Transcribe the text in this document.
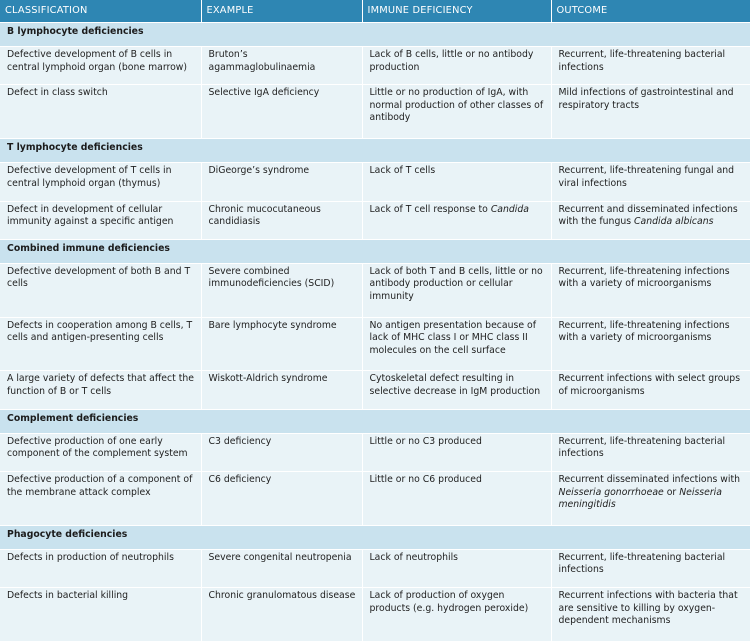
CLASSIFICATION	EXAMPLE	IMMUNE DEFICIENCY	OUTCOME
B lymphocyte deficiencies			
Defective development of B cells in central lymphoid organ (bone marrow)	Bruton’s agammaglobulinaemia	Lack of B cells, little or no antibody production	Recurrent, life-threatening bacterial infections
Defect in class switch	Selective IgA deficiency	Little or no production of IgA, with normal production of other classes of antibody	Mild infections of gastrointestinal and respiratory tracts
T lymphocyte deficiencies			
Defective development of T cells in central lymphoid organ (thymus)	DiGeorge’s syndrome	Lack of T cells	Recurrent, life-threatening fungal and viral infections
Defect in development of cellular immunity against a specific antigen	Chronic mucocutaneous candidiasis	Lack of T cell response to Candida	Recurrent and disseminated infections with the fungus Candida albicans
Combined immune deficiencies			
Defective development of both B and T cells	Severe combined immunodeficiencies (SCID)	Lack of both T and B cells, little or no antibody production or cellular immunity	Recurrent, life-threatening infections with a variety of microorganisms
Defects in cooperation among B cells, T cells and antigen-presenting cells	Bare lymphocyte syndrome	No antigen presentation because of lack of MHC class I or MHC class II molecules on the cell surface	Recurrent, life-threatening infections with a variety of microorganisms
A large variety of defects that affect the function of B or T cells	Wiskott-Aldrich syndrome	Cytoskeletal defect resulting in selective decrease in IgM production	Recurrent infections with select groups of microorganisms
Complement deficiencies			
Defective production of one early component of the complement system	C3 deficiency	Little or no C3 produced	Recurrent, life-threatening bacterial infections
Defective production of a component of the membrane attack complex	C6 deficiency	Little or no C6 produced	Recurrent disseminated infections with Neisseria gonorrhoeae or Neisseria meningitidis
Phagocyte deficiencies			
Defects in production of neutrophils	Severe congenital neutropenia	Lack of neutrophils	Recurrent, life-threatening bacterial infections
Defects in bacterial killing	Chronic granulomatous disease	Lack of production of oxygen products (e.g. hydrogen peroxide)	Recurrent infections with bacteria that are sensitive to killing by oxygen-dependent mechanisms
